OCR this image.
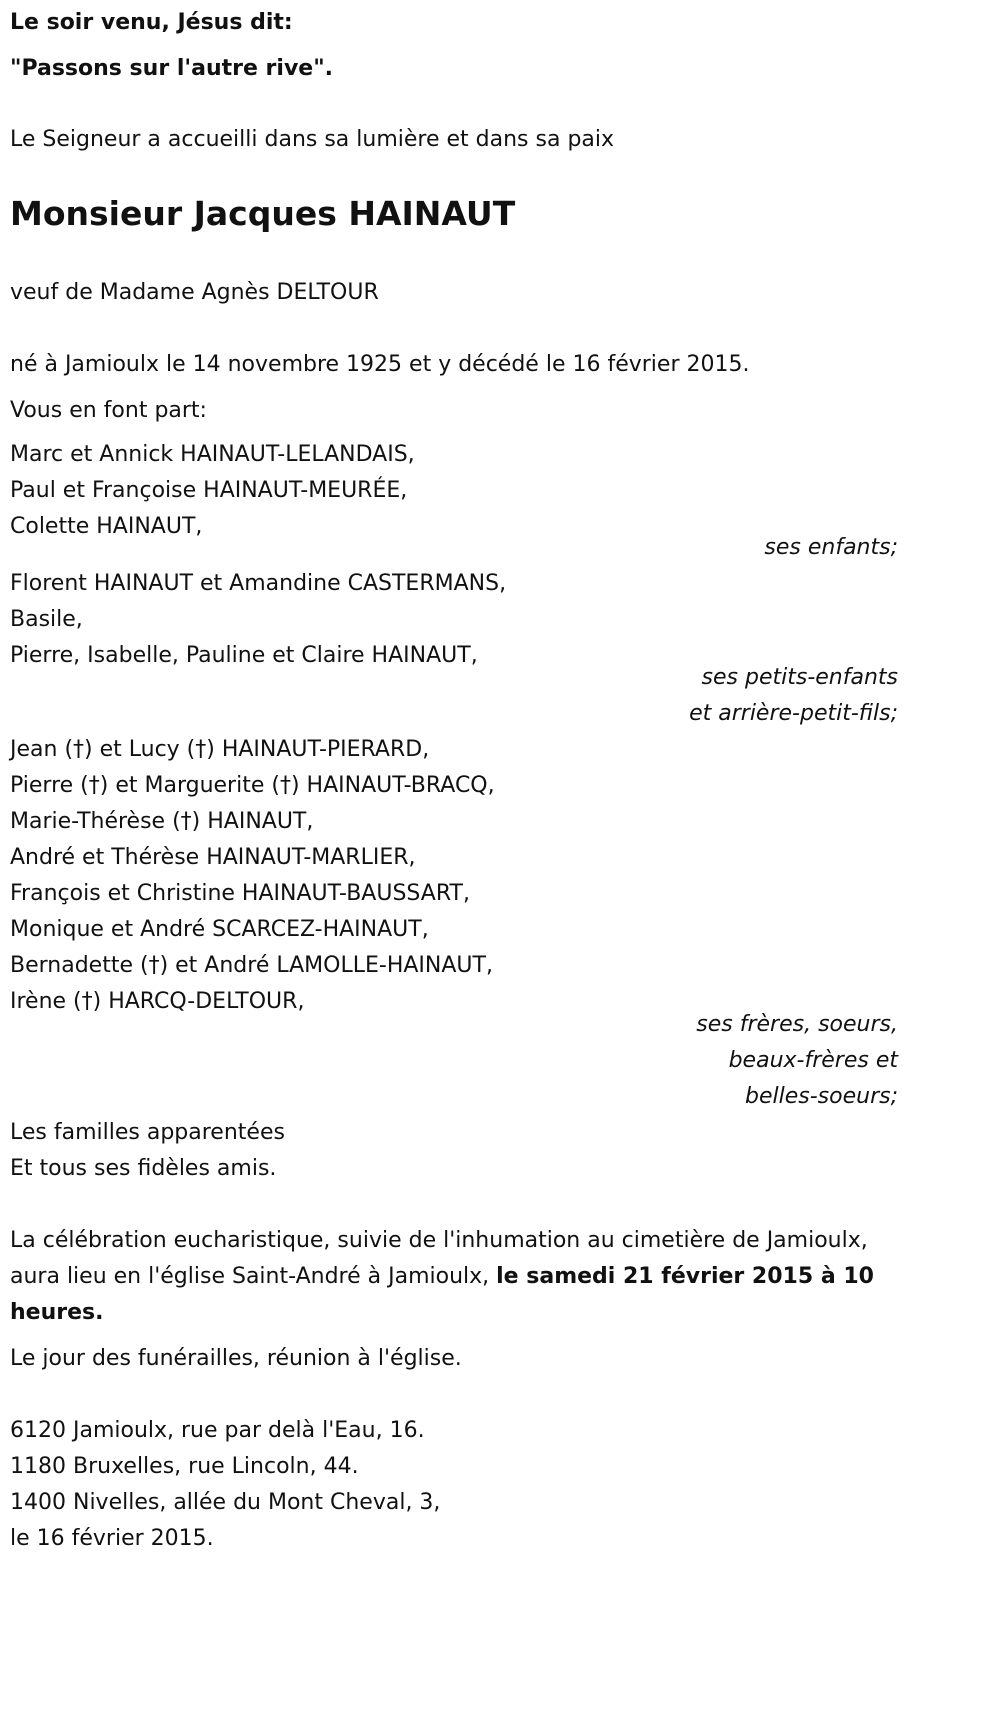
Le soir venu, Jésus dit:
"Passons sur l'autre rive".
Le Seigneur a accueilli dans sa lumière et dans sa paix
Monsieur Jacques HAINAUT
veuf de Madame Agnès DELTOUR
né à Jamioulx le 14 novembre 1925 et y décédé le 16 février 2015.
Vous en font part:
Marc et Annick HAINAUT-LELANDAIS,
Paul et Françoise HAINAUT-MEURÉE,
Colette HAINAUT,
ses enfants;
Florent HAINAUT et Amandine CASTERMANS,
Basile,
Pierre, Isabelle, Pauline et Claire HAINAUT,
ses petits-enfants
et arrière-petit-fils;
Jean (†) et Lucy (†) HAINAUT-PIERARD,
Pierre (†) et Marguerite (†) HAINAUT-BRACQ,
Marie-Thérèse (†) HAINAUT,
André et Thérèse HAINAUT-MARLIER,
François et Christine HAINAUT-BAUSSART,
Monique et André SCARCEZ-HAINAUT,
Bernadette (†) et André LAMOLLE-HAINAUT,
Irène (†) HARCQ-DELTOUR,
ses frères, soeurs,
beaux-frères et
belles-soeurs;
Les familles apparentées
Et tous ses fidèles amis.
La célébration eucharistique, suivie de l'inhumation au cimetière de Jamioulx, aura lieu en l'église Saint-André à Jamioulx, le samedi 21 février 2015 à 10 heures.
Le jour des funérailles, réunion à l'église.
6120 Jamioulx, rue par delà l'Eau, 16.
1180 Bruxelles, rue Lincoln, 44.
1400 Nivelles, allée du Mont Cheval, 3,
le 16 février 2015.
